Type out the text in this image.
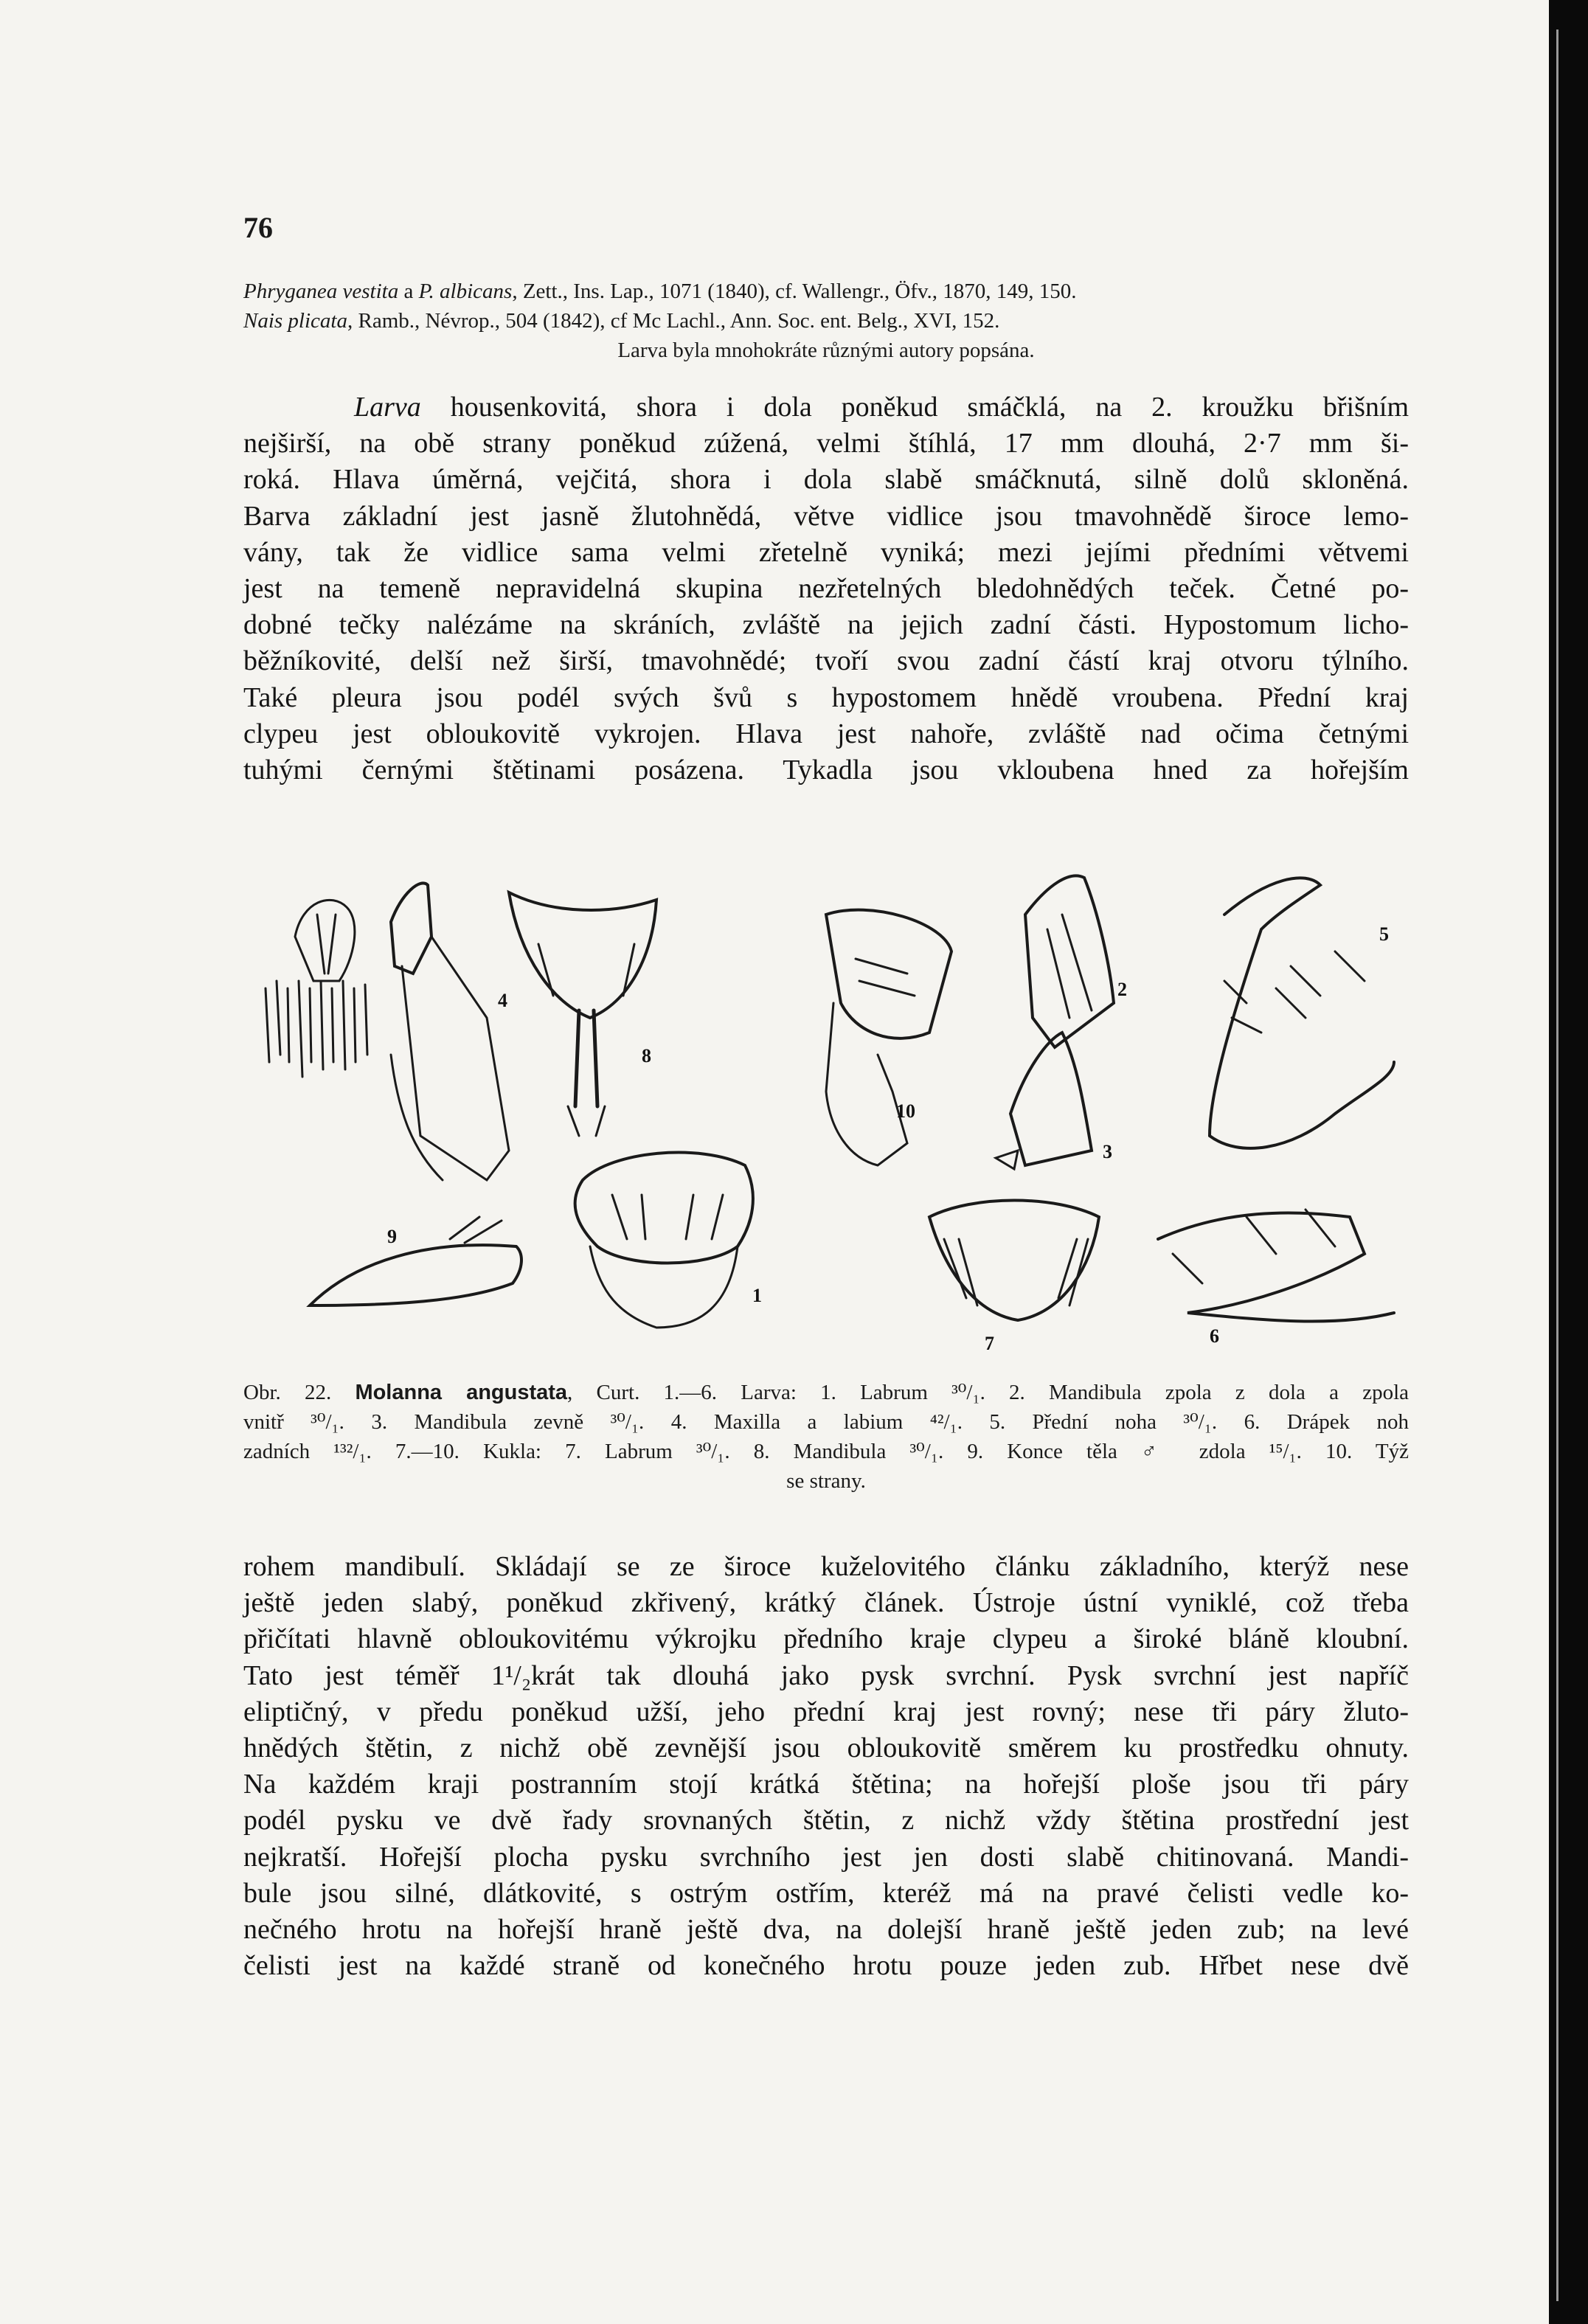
76
Phryganea vestita a P. albicans, Zett., Ins. Lap., 1071 (1840), cf. Wallengr., Öfv., 1870, 149, 150.
Nais plicata, Ramb., Névrop., 504 (1842), cf Mc Lachl., Ann. Soc. ent. Belg., XVI, 152.
Larva byla mnohokráte různými autory popsána.
Larva housenkovitá, shora i dola poněkud smáčklá, na 2. kroužku břišním
nejširší, na obě strany poněkud zúžená, velmi štíhlá, 17 mm dlouhá, 2·7 mm ši-
roká. Hlava úměrná, vejčitá, shora i dola slabě smáčknutá, silně dolů skloněná.
Barva základní jest jasně žlutohnědá, větve vidlice jsou tmavohnědě široce lemo-
vány, tak že vidlice sama velmi zřetelně vyniká; mezi jejími předními větvemi
jest na temeně nepravidelná skupina nezřetelných bledohnědých teček. Četné po-
dobné tečky nalézáme na skráních, zvláště na jejich zadní části. Hypostomum licho-
běžníkovité, delší než širší, tmavohnědé; tvoří svou zadní částí kraj otvoru týlního.
Také pleura jsou podél svých švů s hypostomem hnědě vroubena. Přední kraj
clypeu jest obloukovitě vykrojen. Hlava jest nahoře, zvláště nad očima četnými
tuhými černými štětinami posázena. Tykadla jsou vkloubena hned za hořejším
4
9
8
1
10
2
3
7
5
6
Obr. 22. Molanna angustata, Curt. 1.—6. Larva: 1. Labrum ³⁰/₁. 2. Mandibula zpola z dola a zpola
vnitř ³⁰/₁. 3. Mandibula zevně ³⁰/₁. 4. Maxilla a labium ⁴²/₁. 5. Přední noha ³⁰/₁. 6. Drápek noh
zadních ¹³²/₁. 7.—10. Kukla: 7. Labrum ³⁰/₁. 8. Mandibula ³⁰/₁. 9. Konce těla ♂ zdola ¹⁵/₁. 10. Týž
se strany.
rohem mandibulí. Skládají se ze široce kuželovitého článku základního, kterýž nese
ještě jeden slabý, poněkud zkřivený, krátký článek. Ústroje ústní vyniklé, což třeba
přičítati hlavně obloukovitému výkrojku předního kraje clypeu a široké bláně kloubní.
Tato jest téměř 1¹/₂krát tak dlouhá jako pysk svrchní. Pysk svrchní jest napříč
eliptičný, v předu poněkud užší, jeho přední kraj jest rovný; nese tři páry žluto-
hnědých štětin, z nichž obě zevnější jsou obloukovitě směrem ku prostředku ohnuty.
Na každém kraji postranním stojí krátká štětina; na hořejší ploše jsou tři páry
podél pysku ve dvě řady srovnaných štětin, z nichž vždy štětina prostřední jest
nejkratší. Hořejší plocha pysku svrchního jest jen dosti slabě chitinovaná. Mandi-
bule jsou silné, dlátkovité, s ostrým ostřím, kteréž má na pravé čelisti vedle ko-
nečného hrotu na hořejší hraně ještě dva, na dolejší hraně ještě jeden zub; na levé
čelisti jest na každé straně od konečného hrotu pouze jeden zub. Hřbet nese dvě
